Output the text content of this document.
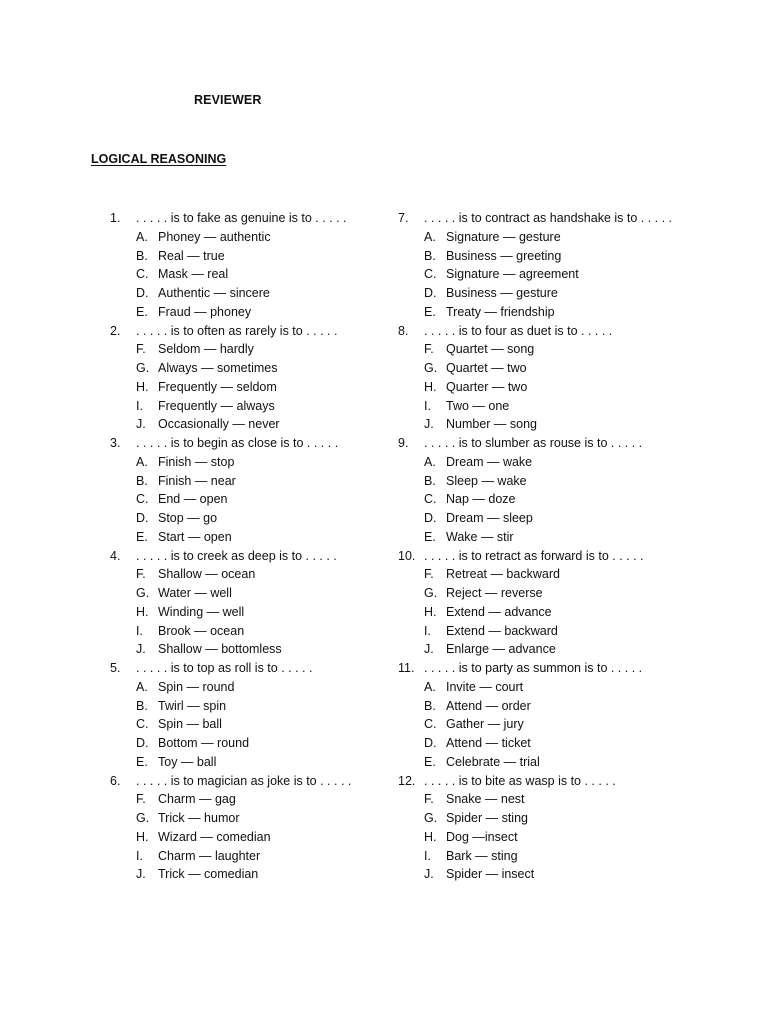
REVIEWER
LOGICAL REASONING
1.	. . . . . is to fake as genuine is to . . . . .
A. Phoney — authentic
B. Real — true
C. Mask — real
D. Authentic — sincere
E. Fraud — phoney
2.	. . . . . is to often as rarely is to . . . . .
F. Seldom — hardly
G. Always — sometimes
H. Frequently — seldom
I.	Frequently — always
J. Occasionally — never
3.	. . . . . is to begin as close is to . . . . .
A. Finish — stop
B. Finish — near
C. End — open
D. Stop — go
E. Start — open
4.	. . . . . is to creek as deep is to . . . . .
F. Shallow — ocean
G. Water — well
H. Winding — well
I.	Brook — ocean
J. Shallow — bottomless
5.	. . . . . is to top as roll is to . . . . .
A. Spin — round
B. Twirl — spin
C. Spin — ball
D. Bottom — round
E. Toy — ball
6.	. . . . . is to magician as joke is to . . . . .
F. Charm — gag
G. Trick — humor
H. Wizard — comedian
I.	Charm — laughter
J. Trick — comedian
7.	. . . . . is to contract as handshake is to . . . . .
A. Signature — gesture
B. Business — greeting
C. Signature — agreement
D. Business — gesture
E. Treaty — friendship
8.	. . . . . is to four as duet is to . . . . .
F. Quartet — song
G. Quartet — two
H. Quarter — two
I.	Two — one
J. Number — song
9.	. . . . . is to slumber as rouse is to . . . . .
A. Dream — wake
B. Sleep — wake
C. Nap — doze
D. Dream — sleep
E. Wake — stir
10. . . . . . is to retract as forward is to . . . . .
F. Retreat — backward
G. Reject — reverse
H. Extend — advance
I.	Extend — backward
J. Enlarge — advance
11. . . . . . is to party as summon is to . . . . .
A. Invite — court
B. Attend — order
C. Gather — jury
D. Attend — ticket
E. Celebrate — trial
12. . . . . . is to bite as wasp is to . . . . .
F. Snake — nest
G. Spider — sting
H. Dog —insect
I.	Bark — sting
J. Spider — insect
